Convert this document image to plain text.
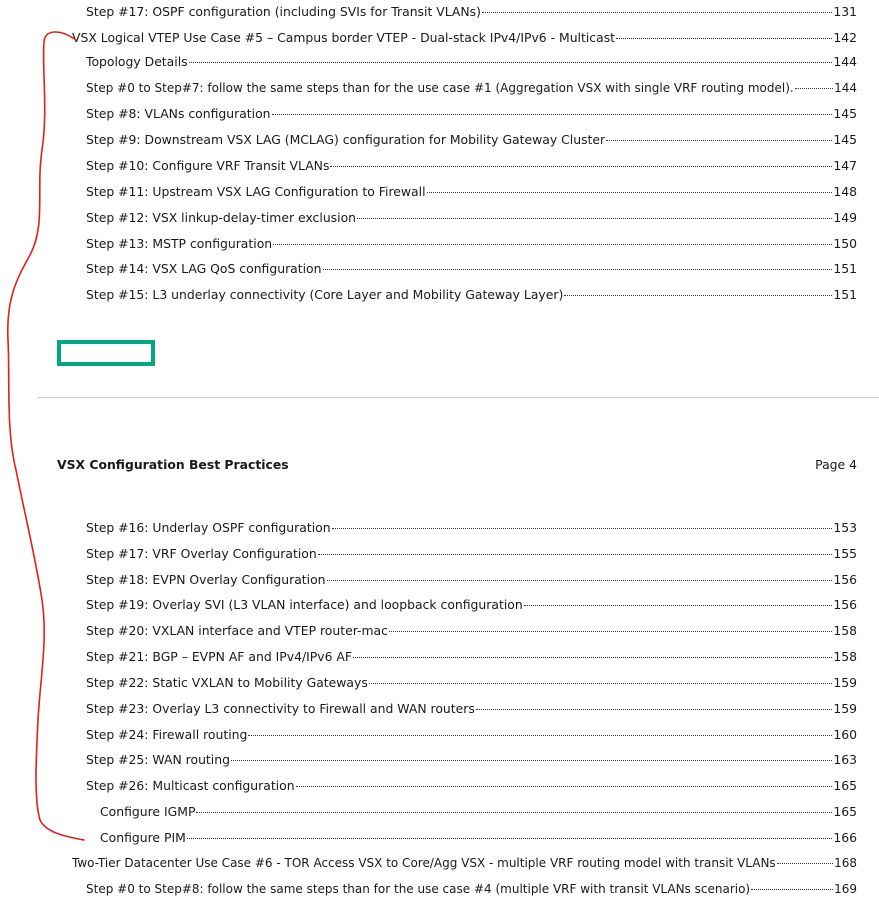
Step #17: OSPF configuration (including SVIs for Transit VLANs)	131
VSX Logical VTEP Use Case #5 – Campus border VTEP - Dual-stack IPv4/IPv6 - Multicast	142
Topology Details	144
Step #0 to Step#7: follow the same steps than for the use case #1 (Aggregation VSX with single VRF routing model).	144
Step #8: VLANs configuration	145
Step #9: Downstream VSX LAG (MCLAG) configuration for Mobility Gateway Cluster	145
Step #10: Configure VRF Transit VLANs	147
Step #11: Upstream VSX LAG Configuration to Firewall	148
Step #12: VSX linkup-delay-timer exclusion	149
Step #13: MSTP configuration	150
Step #14: VSX LAG QoS configuration	151
Step #15: L3 underlay connectivity (Core Layer and Mobility Gateway Layer)	151
VSX Configuration Best Practices	Page 4
Step #16: Underlay OSPF configuration	153
Step #17: VRF Overlay Configuration	155
Step #18: EVPN Overlay Configuration	156
Step #19: Overlay SVI (L3 VLAN interface) and loopback configuration	156
Step #20: VXLAN interface and VTEP router-mac	158
Step #21: BGP – EVPN AF and IPv4/IPv6 AF	158
Step #22: Static VXLAN to Mobility Gateways	159
Step #23: Overlay L3 connectivity to Firewall and WAN routers	159
Step #24: Firewall routing	160
Step #25: WAN routing	163
Step #26: Multicast configuration	165
Configure IGMP	165
Configure PIM	166
Two-Tier Datacenter Use Case #6 - TOR Access VSX to Core/Agg VSX - multiple VRF routing model with transit VLANs	168
Step #0 to Step#8: follow the same steps than for the use case #4 (multiple VRF with transit VLANs scenario)	169
